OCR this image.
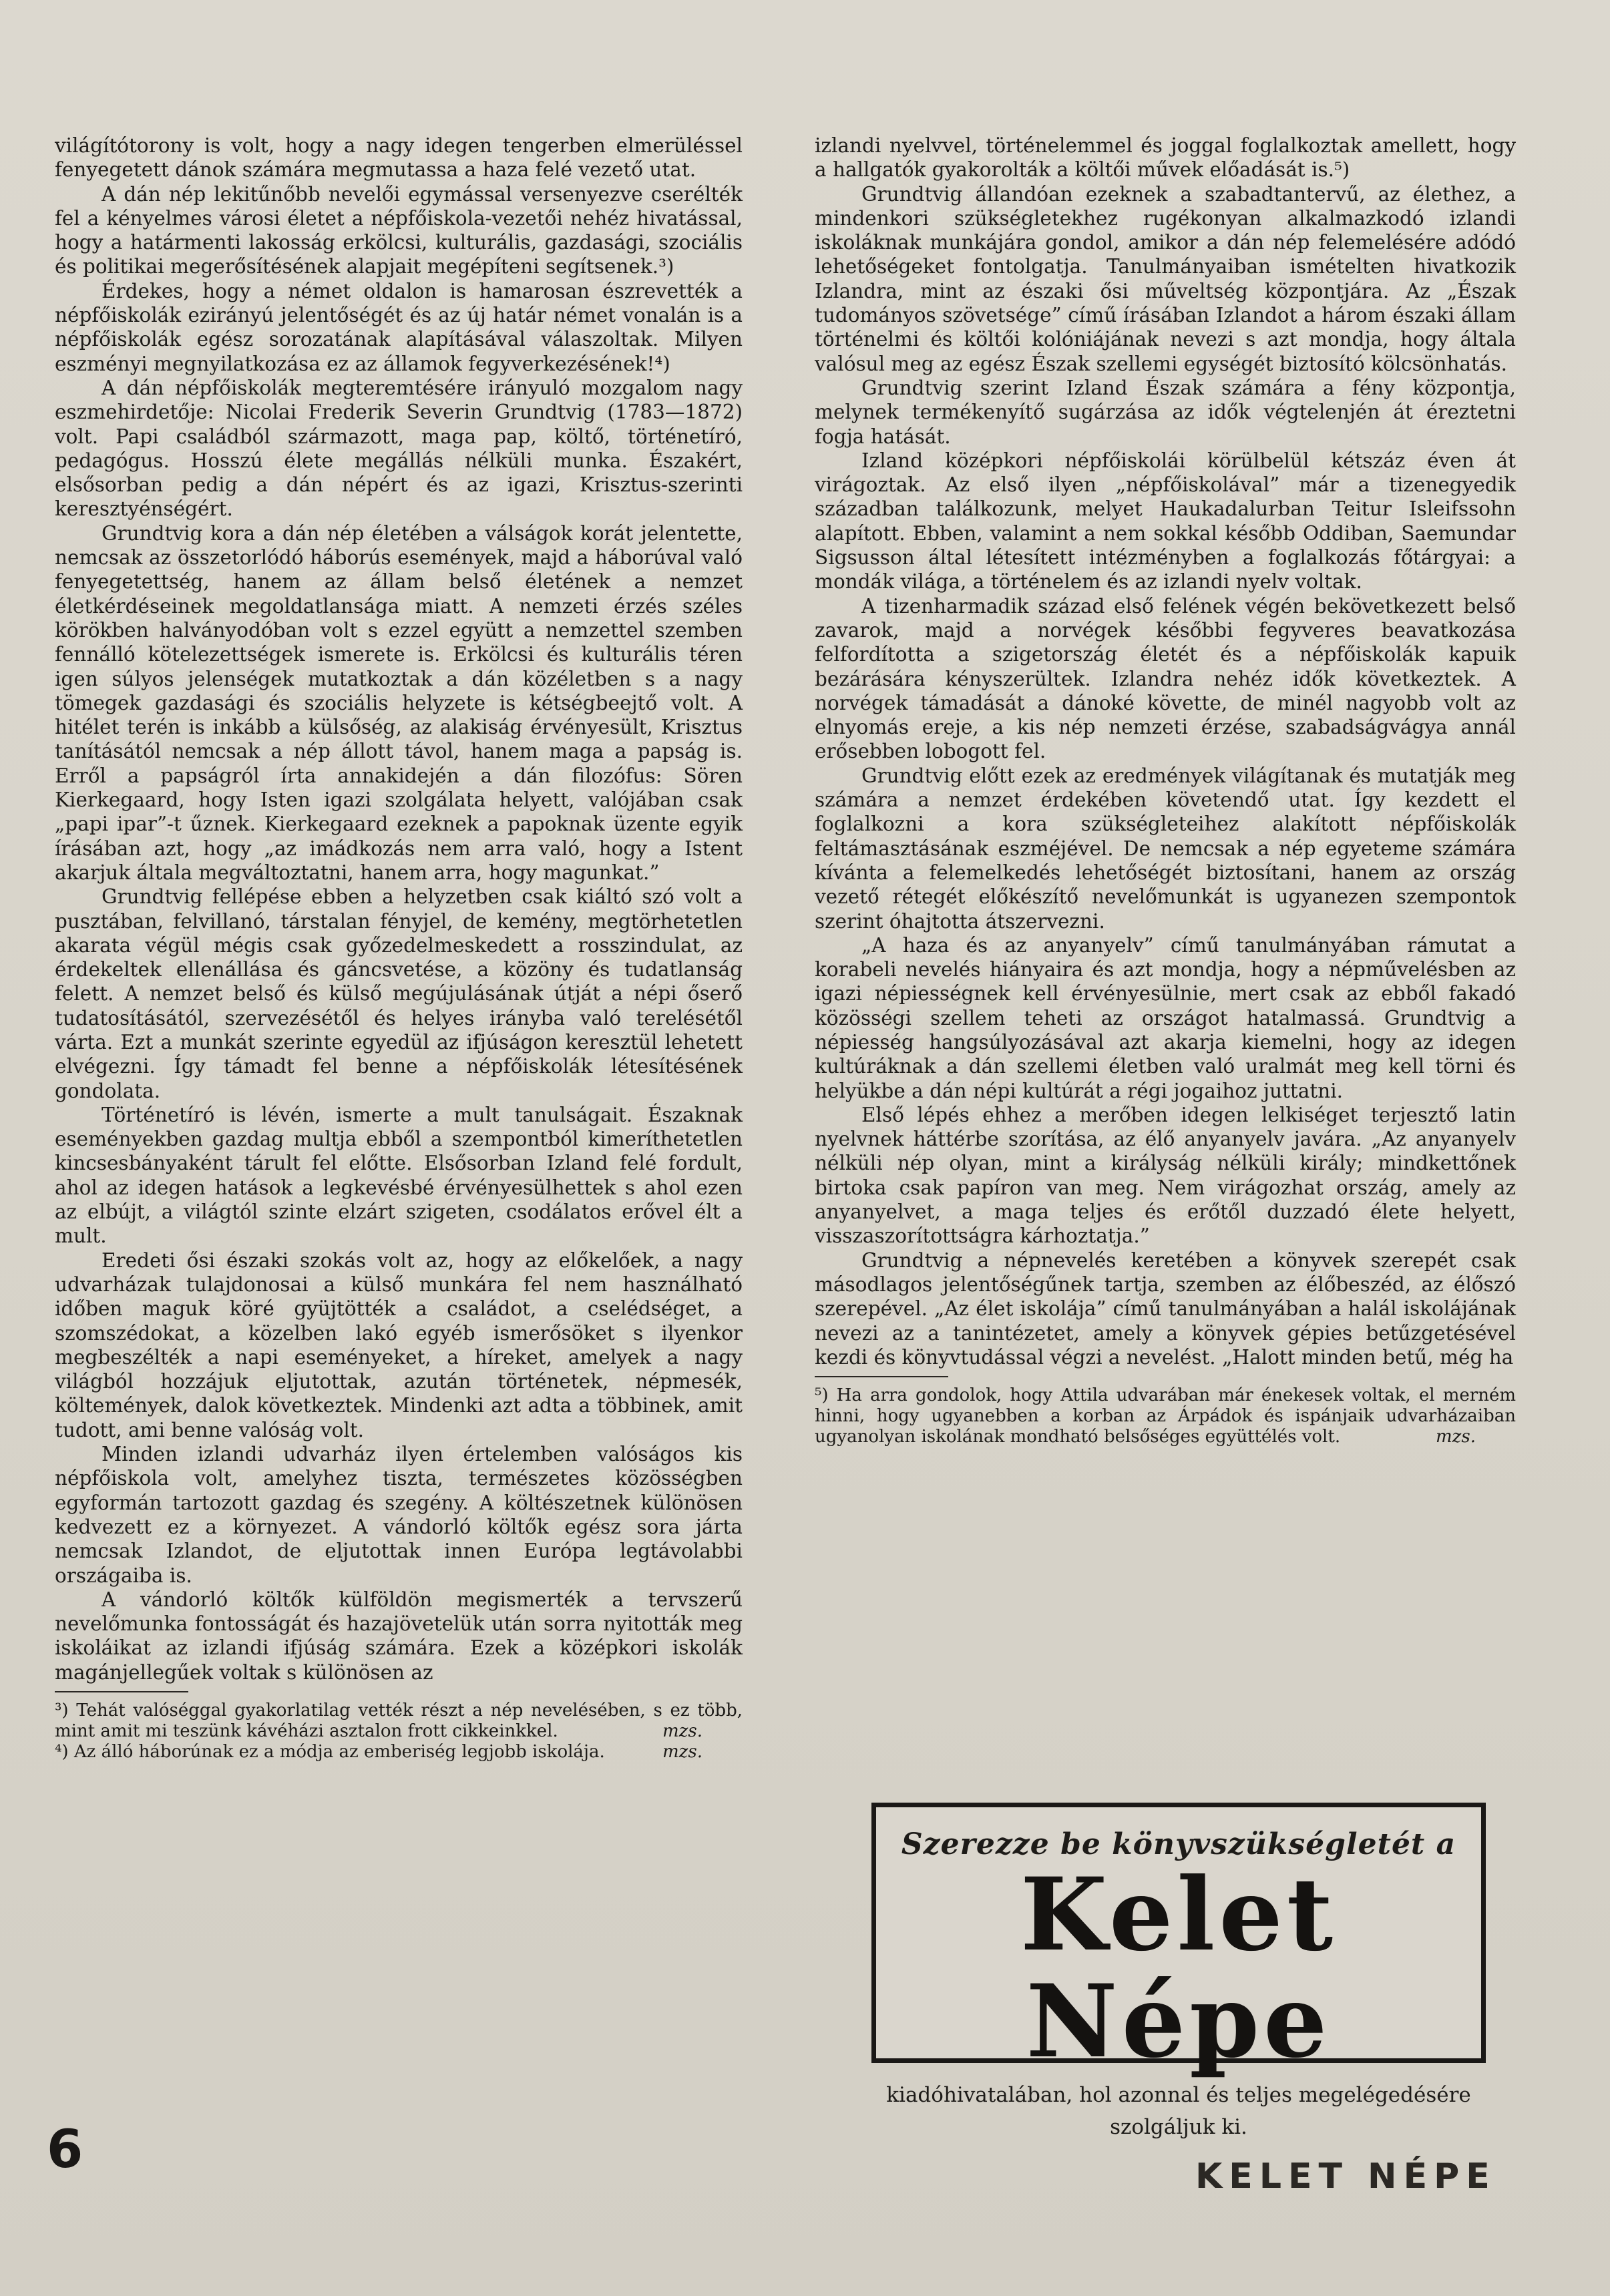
világítótorony is volt, hogy a nagy idegen tengerben elmerüléssel fenyegetett dánok számára megmutassa a haza felé vezető utat.

A dán nép lekitűnőbb nevelői egymással versenyezve cserélték fel a kényelmes városi életet a népfőiskola-vezetői nehéz hivatással, hogy a határmenti lakosság erkölcsi, kulturális, gazdasági, szociális és politikai megerősítésének alapjait megépíteni segítsenek.³)

Érdekes, hogy a német oldalon is hamarosan észrevették a népfőiskolák ezirányú jelentőségét és az új határ német vonalán is a népfőiskolák egész sorozatának alapításával válaszoltak. Milyen eszményi megnyilatkozása ez az államok fegyverkezésének!⁴)

A dán népfőiskolák megteremtésére irányuló mozgalom nagy eszmehirdetője: Nicolai Frederik Severin Grundtvig (1783—1872) volt. Papi családból származott, maga pap, költő, történetíró, pedagógus. Hosszú élete megállás nélküli munka. Északért, elsősorban pedig a dán népért és az igazi, Krisztus-szerinti keresztyénségért.

Grundtvig kora a dán nép életében a válságok korát jelentette, nemcsak az összetorlódó háborús események, majd a háborúval való fenyegetettség, hanem az állam belső életének a nemzet életkérdéseinek megoldatlansága miatt. A nemzeti érzés széles körökben halványodóban volt s ezzel együtt a nemzettel szemben fennálló kötelezettségek ismerete is. Erkölcsi és kulturális téren igen súlyos jelenségek mutatkoztak a dán közéletben s a nagy tömegek gazdasági és szociális helyzete is kétségbeejtő volt. A hitélet terén is inkább a külsőség, az alakiság érvényesült, Krisztus tanításától nemcsak a nép állott távol, hanem maga a papság is. Erről a papságról írta annakidején a dán filozófus: Sören Kierkegaard, hogy Isten igazi szolgálata helyett, valójában csak „papi ipar”-t űznek. Kierkegaard ezeknek a papoknak üzente egyik írásában azt, hogy „az imádkozás nem arra való, hogy a Istent akarjuk általa megváltoztatni, hanem arra, hogy magunkat.”

Grundtvig fellépése ebben a helyzetben csak kiáltó szó volt a pusztában, felvillanó, társtalan fényjel, de kemény, megtörhetetlen akarata végül mégis csak győzedelmeskedett a rosszindulat, az érdekeltek ellenállása és gáncsvetése, a közöny és tudatlanság felett. A nemzet belső és külső megújulásának útját a népi őserő tudatosításától, szervezésétől és helyes irányba való terelésétől várta. Ezt a munkát szerinte egyedül az ifjúságon keresztül lehetett elvégezni. Így támadt fel benne a népfőiskolák létesítésének gondolata.

Történetíró is lévén, ismerte a mult tanulságait. Északnak eseményekben gazdag multja ebből a szempontból kimeríthetetlen kincsesbányaként tárult fel előtte. Elsősorban Izland felé fordult, ahol az idegen hatások a legkevésbé érvényesülhettek s ahol ezen az elbújt, a világtól szinte elzárt szigeten, csodálatos erővel élt a mult.

Eredeti ősi északi szokás volt az, hogy az előkelőek, a nagy udvarházak tulajdonosai a külső munkára fel nem használható időben maguk köré gyüjtötték a családot, a cselédséget, a szomszédokat, a közelben lakó egyéb ismerősöket s ilyenkor megbeszélték a napi eseményeket, a híreket, amelyek a nagy világból hozzájuk eljutottak, azután történetek, népmesék, költemények, dalok következtek. Mindenki azt adta a többinek, amit tudott, ami benne valóság volt.

Minden izlandi udvarház ilyen értelemben valóságos kis népfőiskola volt, amelyhez tiszta, természetes közösségben egyformán tartozott gazdag és szegény. A költészetnek különösen kedvezett ez a környezet. A vándorló költők egész sora járta nemcsak Izlandot, de eljutottak innen Európa legtávolabbi országaiba is.

A vándorló költők külföldön megismerték a tervszerű nevelőmunka fontosságát és hazajövetelük után sorra nyitották meg iskoláikat az izlandi ifjúság számára. Ezek a középkori iskolák magánjellegűek voltak s különösen az

³) Tehát valóséggal gyakorlatilag vették részt a nép nevelésében, s ez több, mint amit mi teszünk kávéházi asztalon frott cikkeinkkel.	mzs.

⁴) Az álló háborúnak ez a módja az emberiség legjobb iskolája.	mzs.

izlandi nyelvvel, történelemmel és joggal foglalkoztak amellett, hogy a hallgatók gyakorolták a költői művek előadását is.⁵)

Grundtvig állandóan ezeknek a szabadtantervű, az élethez, a mindenkori szükségletekhez rugékonyan alkalmazkodó izlandi iskoláknak munkájára gondol, amikor a dán nép felemelésére adódó lehetőségeket fontolgatja. Tanulmányaiban ismételten hivatkozik Izlandra, mint az északi ősi műveltség központjára. Az „Észak tudományos szövetsége” című írásában Izlandot a három északi állam történelmi és költői kolóniájának nevezi s azt mondja, hogy általa valósul meg az egész Észak szellemi egységét biztosító kölcsönhatás.

Grundtvig szerint Izland Észak számára a fény központja, melynek termékenyítő sugárzása az idők végtelenjén át éreztetni fogja hatását.

Izland középkori népfőiskolái körülbelül kétszáz éven át virágoztak. Az első ilyen „népfőiskolával” már a tizenegyedik században találkozunk, melyet Haukadalurban Teitur Isleifssohn alapított. Ebben, valamint a nem sokkal később Oddiban, Saemundar Sigsusson által létesített intézményben a foglalkozás főtárgyai: a mondák világa, a történelem és az izlandi nyelv voltak.

A tizenharmadik század első felének végén bekövetkezett belső zavarok, majd a norvégek későbbi fegyveres beavatkozása felfordította a szigetország életét és a népfőiskolák kapuik bezárására kényszerültek. Izlandra nehéz idők következtek. A norvégek támadását a dánoké követte, de minél nagyobb volt az elnyomás ereje, a kis nép nemzeti érzése, szabadságvágya annál erősebben lobogott fel.

Grundtvig előtt ezek az eredmények világítanak és mutatják meg számára a nemzet érdekében követendő utat. Így kezdett el foglalkozni a kora szükségleteihez alakított népfőiskolák feltámasztásának eszméjével. De nemcsak a nép egyeteme számára kívánta a felemelkedés lehetőségét biztosítani, hanem az ország vezető rétegét előkészítő nevelőmunkát is ugyanezen szempontok szerint óhajtotta átszervezni.

„A haza és az anyanyelv” című tanulmányában rámutat a korabeli nevelés hiányaira és azt mondja, hogy a népművelésben az igazi népiességnek kell érvényesülnie, mert csak az ebből fakadó közösségi szellem teheti az országot hatalmassá. Grundtvig a népiesség hangsúlyozásával azt akarja kiemelni, hogy az idegen kultúráknak a dán szellemi életben való uralmát meg kell törni és helyükbe a dán népi kultúrát a régi jogaihoz juttatni.

Első lépés ehhez a merőben idegen lelkiséget terjesztő latin nyelvnek háttérbe szorítása, az élő anyanyelv javára. „Az anyanyelv nélküli nép olyan, mint a királyság nélküli király; mindkettőnek birtoka csak papíron van meg. Nem virágozhat ország, amely az anyanyelvet, a maga teljes és erőtől duzzadó élete helyett, visszaszorítottságra kárhoztatja.”

Grundtvig a népnevelés keretében a könyvek szerepét csak másodlagos jelentőségűnek tartja, szemben az élőbeszéd, az élőszó szerepével. „Az élet iskolája” című tanulmányában a halál iskolájának nevezi az a tanintézetet, amely a könyvek gépies betűzgetésével kezdi és könyvtudással végzi a nevelést. „Halott minden betű, még ha

⁵) Ha arra gondolok, hogy Attila udvarában már énekesek voltak, el merném hinni, hogy ugyanebben a korban az Árpádok és ispánjaik udvarházaiban ugyanolyan iskolának mondható belsőséges együttélés volt.	mzs.

Szerezze be könyvszükségletét a
Kelet Népe
kiadóhivatalában, hol azonnal és teljes megelégedésére
szolgáljuk ki.
6	KELET NÉPE
